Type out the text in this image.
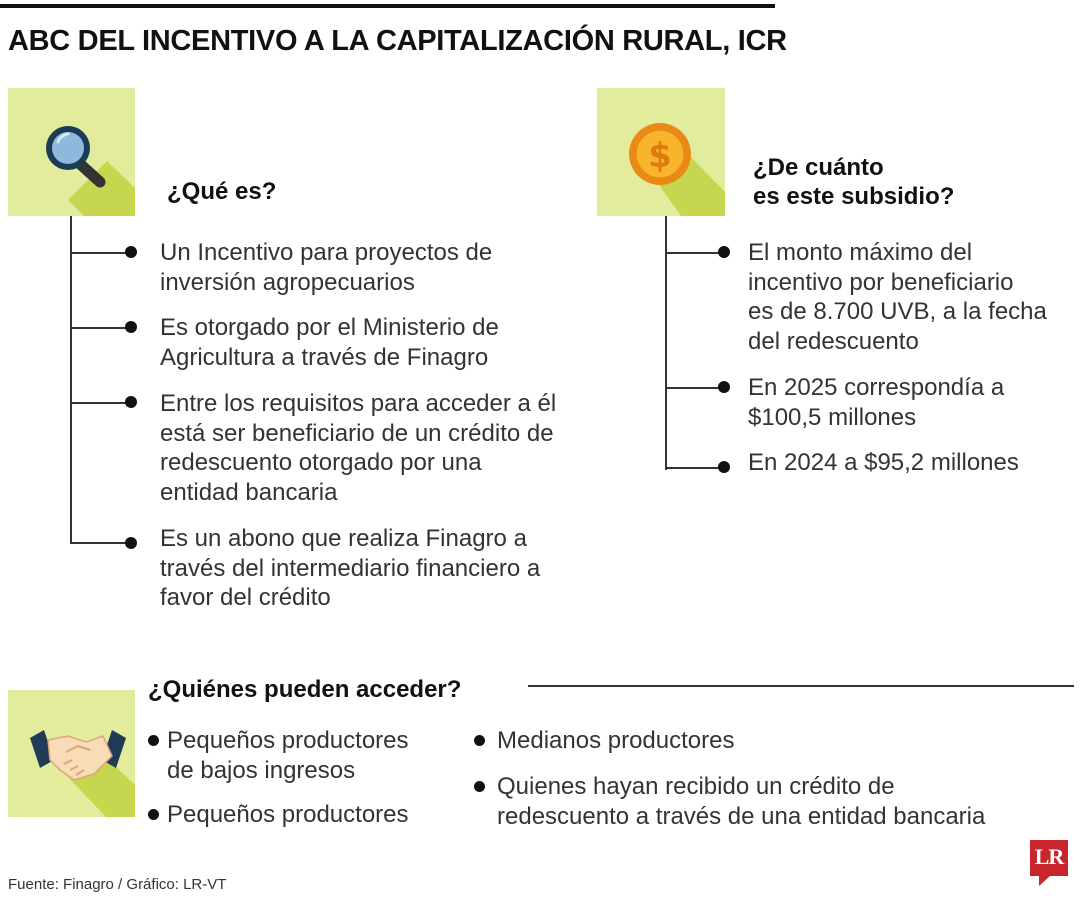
ABC DEL INCENTIVO A LA CAPITALIZACIÓN RURAL, ICR
¿Qué es?

Un Incentivo para proyectos de
inversión agropecuarios

Es otorgado por el Ministerio de
Agricultura a través de Finagro

Entre los requisitos para acceder a él
está ser beneficiario de un crédito de
redescuento otorgado por una
entidad bancaria

Es un abono que realiza Finagro a
través del intermediario financiero a
favor del crédito

$	¿De cuánto
es este subsidio?

El monto máximo del
incentivo por beneficiario
es de 8.700 UVB, a la fecha
del redescuento

En 2025 correspondía a
$100,5 millones

En 2024 a $95,2 millones

¿Quiénes pueden acceder?

Pequeños productores
de bajos ingresos

Pequeños productores

Medianos productores

Quienes hayan recibido un crédito de
redescuento a través de una entidad bancaria

Fuente: Finagro / Gráfico: LR-VT

LR
